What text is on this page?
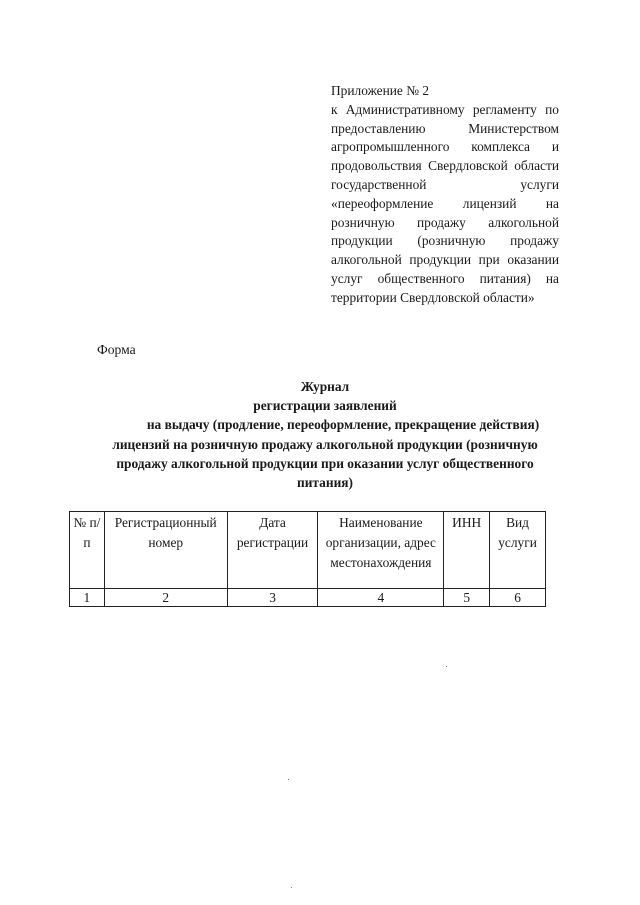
Приложение № 2
к Административному регламенту по предоставлению Министерством агропромышленного комплекса и продовольствия Свердловской области государственной услуги «переоформление лицензий на розничную продажу алкогольной продукции (розничную продажу алкогольной продукции при оказании услуг общественного питания) на территории Свердловской области»
Форма
Журнал
регистрации заявлений
на выдачу (продление, переоформление, прекращение действия)
лицензий на розничную продажу алкогольной продукции (розничную
продажу алкогольной продукции при оказании услуг общественного
питания)
№ п/п	Регистрационный номер	Дата регистрации	Наименование организации, адрес местонахождения	ИНН	Вид услуги
1	2	3	4	5	6
